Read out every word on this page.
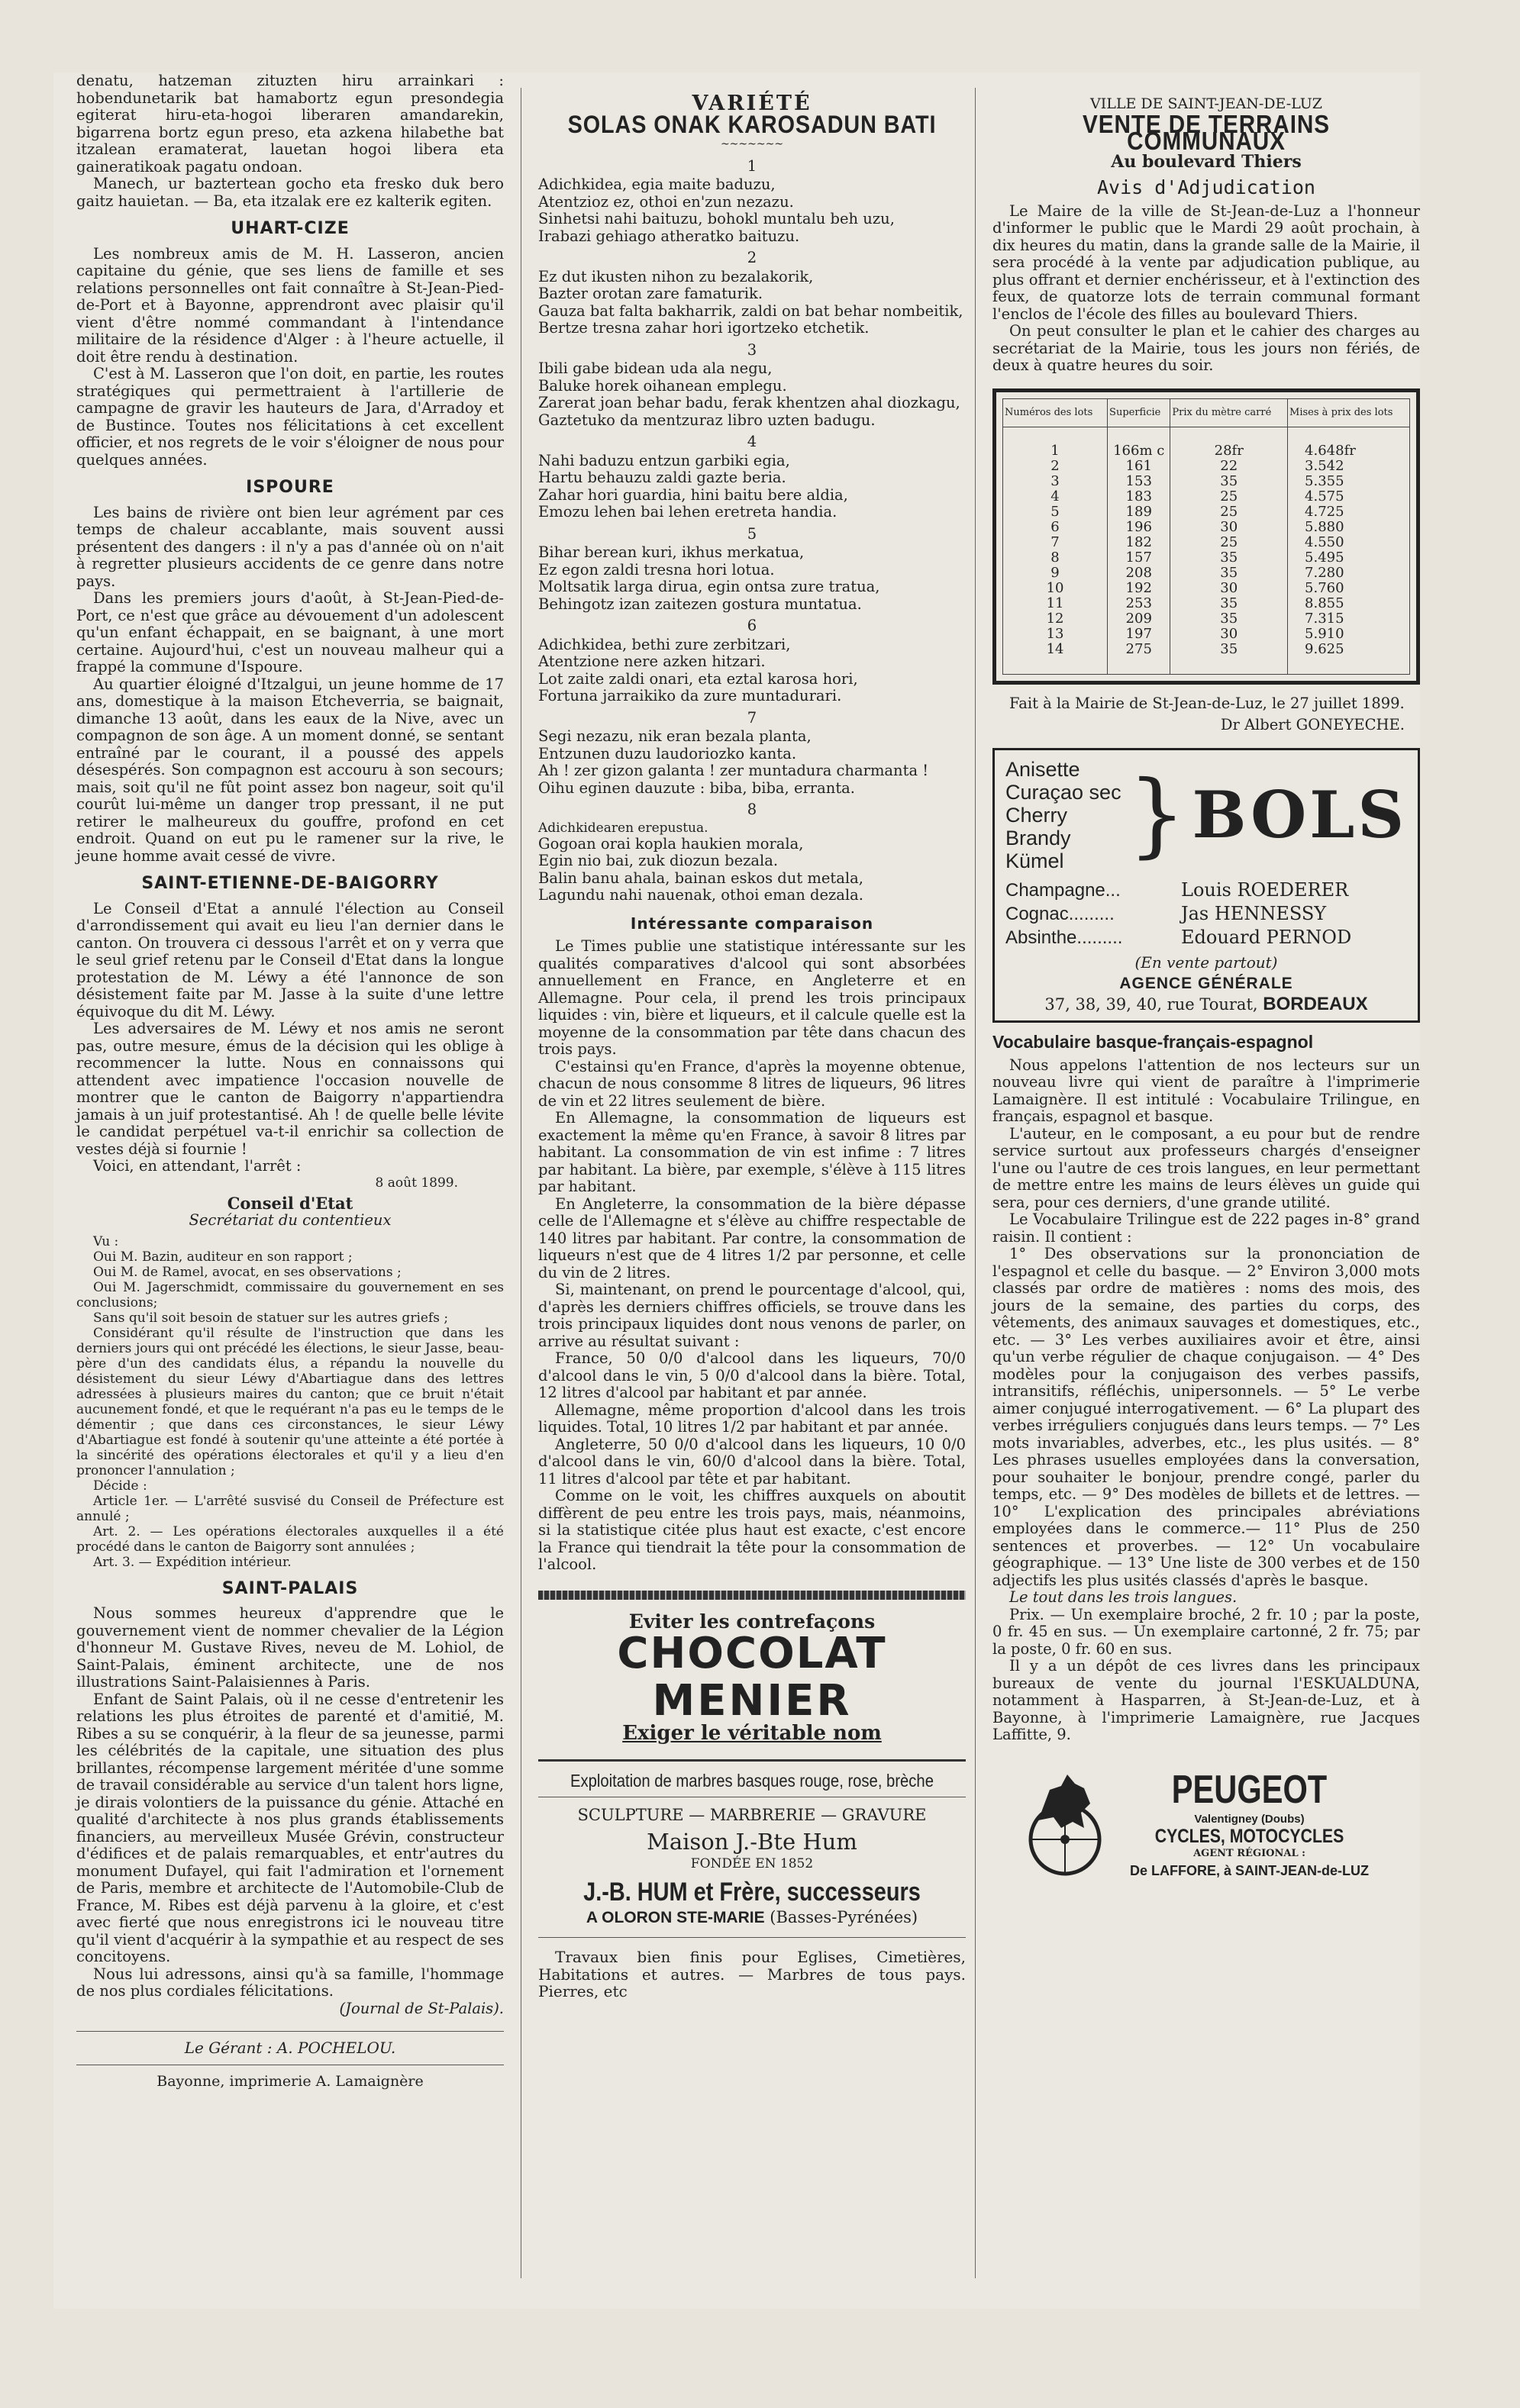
denatu, hatzeman zituzten hiru arrainkari : hobendunetarik bat hamabortz egun presondegia egiterat hiru-eta-hogoi liberaren amandarekin, bigarrena bortz egun preso, eta azkena hilabethe bat itzalean eramaterat, lauetan hogoi libera eta gaineratikoak pagatu ondoan.

Manech, ur baztertean gocho eta fresko duk bero gaitz hauietan. — Ba, eta itzalak ere ez kalterik egiten.

UHART-CIZE

Les nombreux amis de M. H. Lasseron, ancien capitaine du génie, que ses liens de famille et ses relations personnelles ont fait connaître à St-Jean-Pied-de-Port et à Bayonne, apprendront avec plaisir qu'il vient d'être nommé commandant à l'intendance militaire de la résidence d'Alger : à l'heure actuelle, il doit être rendu à destination.

C'est à M. Lasseron que l'on doit, en partie, les routes stratégiques qui permettraient à l'artillerie de campagne de gravir les hauteurs de Jara, d'Arradoy et de Bustince. Toutes nos félicitations à cet excellent officier, et nos regrets de le voir s'éloigner de nous pour quelques années.

ISPOURE

Les bains de rivière ont bien leur agrément par ces temps de chaleur accablante, mais souvent aussi présentent des dangers : il n'y a pas d'année où on n'ait à regretter plusieurs accidents de ce genre dans notre pays.

Dans les premiers jours d'août, à St-Jean-Pied-de-Port, ce n'est que grâce au dévouement d'un adolescent qu'un enfant échappait, en se baignant, à une mort certaine. Aujourd'hui, c'est un nouveau malheur qui a frappé la commune d'Ispoure.

Au quartier éloigné d'Itzalgui, un jeune homme de 17 ans, domestique à la maison Etcheverria, se baignait, dimanche 13 août, dans les eaux de la Nive, avec un compagnon de son âge. A un moment donné, se sentant entraîné par le courant, il a poussé des appels désespérés. Son compagnon est accouru à son secours; mais, soit qu'il ne fût point assez bon nageur, soit qu'il courût lui-même un danger trop pressant, il ne put retirer le malheureux du gouffre, profond en cet endroit. Quand on eut pu le ramener sur la rive, le jeune homme avait cessé de vivre.

SAINT-ETIENNE-DE-BAIGORRY

Le Conseil d'Etat a annulé l'élection au Conseil d'arrondissement qui avait eu lieu l'an dernier dans le canton. On trouvera ci dessous l'arrêt et on y verra que le seul grief retenu par le Conseil d'Etat dans la longue protestation de M. Léwy a été l'annonce de son désistement faite par M. Jasse à la suite d'une lettre équivoque du dit M. Léwy.

Les adversaires de M. Léwy et nos amis ne seront pas, outre mesure, émus de la décision qui les oblige à recommencer la lutte. Nous en connaissons qui attendent avec impatience l'occasion nouvelle de montrer que le canton de Baigorry n'appartiendra jamais à un juif protestantisé. Ah ! de quelle belle lévite le candidat perpétuel va-t-il enrichir sa collection de vestes déjà si fournie !

Voici, en attendant, l'arrêt :

8 août 1899.
Conseil d'Etat
Secrétariat du contentieux

Vu :

Oui M. Bazin, auditeur en son rapport ;

Oui M. de Ramel, avocat, en ses observations ;

Oui M. Jagerschmidt, commissaire du gouvernement en ses conclusions;

Sans qu'il soit besoin de statuer sur les autres griefs ;

Considérant qu'il résulte de l'instruction que dans les derniers jours qui ont précédé les élections, le sieur Jasse, beau-père d'un des candidats élus, a répandu la nouvelle du désistement du sieur Léwy d'Abartiague dans des lettres adressées à plusieurs maires du canton; que ce bruit n'était aucunement fondé, et que le requérant n'a pas eu le temps de le démentir ; que dans ces circonstances, le sieur Léwy d'Abartiague est fondé à soutenir qu'une atteinte a été portée à la sincérité des opérations électorales et qu'il y a lieu d'en prononcer l'annulation ;

Décide :

Article 1er. — L'arrêté susvisé du Conseil de Préfecture est annulé ;

Art. 2. — Les opérations électorales auxquelles il a été procédé dans le canton de Baigorry sont annulées ;

Art. 3. — Expédition intérieur.

SAINT-PALAIS

Nous sommes heureux d'apprendre que le gouvernement vient de nommer chevalier de la Légion d'honneur M. Gustave Rives, neveu de M. Lohiol, de Saint-Palais, éminent architecte, une de nos illustrations Saint-Palaisiennes à Paris.

Enfant de Saint Palais, où il ne cesse d'entretenir les relations les plus étroites de parenté et d'amitié, M. Ribes a su se conquérir, à la fleur de sa jeunesse, parmi les célébrités de la capitale, une situation des plus brillantes, récompense largement méritée d'une somme de travail considérable au service d'un talent hors ligne, je dirais volontiers de la puissance du génie. Attaché en qualité d'architecte à nos plus grands établissements financiers, au merveilleux Musée Grévin, constructeur d'édifices et de palais remarquables, et entr'autres du monument Dufayel, qui fait l'admiration et l'ornement de Paris, membre et architecte de l'Automobile-Club de France, M. Ribes est déjà parvenu à la gloire, et c'est avec fierté que nous enregistrons ici le nouveau titre qu'il vient d'acquérir à la sympathie et au respect de ses concitoyens.

Nous lui adressons, ainsi qu'à sa famille, l'hommage de nos plus cordiales félicitations.

(Journal de St-Palais).
Le Gérant : A. POCHELOU.
Bayonne, imprimerie A. Lamaignère
VARIÉTÉ
SOLAS ONAK KAROSADUN BATI
~~~~~~~
1

Adichkidea, egia maite baduzu,

Atentzioz ez, othoi en'zun nezazu.

Sinhetsi nahi baituzu, bohokl muntalu beh uzu,

Irabazi gehiago atheratko baituzu.

2

Ez dut ikusten nihon zu bezalakorik,

Bazter orotan zare famaturik.

Gauza bat falta bakharrik, zaldi on bat behar nombeitik,

Bertze tresna zahar hori igortzeko etchetik.

3

Ibili gabe bidean uda ala negu,

Baluke horek oihanean emplegu.

Zarerat joan behar badu, ferak khentzen ahal diozkagu,

Gaztetuko da mentzuraz libro uzten badugu.

4

Nahi baduzu entzun garbiki egia,

Hartu behauzu zaldi gazte beria.

Zahar hori guardia, hini baitu bere aldia,

Emozu lehen bai lehen eretreta handia.

5

Bihar berean kuri, ikhus merkatua,

Ez egon zaldi tresna hori lotua.

Moltsatik larga dirua, egin ontsa zure tratua,

Behingotz izan zaitezen gostura muntatua.

6

Adichkidea, bethi zure zerbitzari,

Atentzione nere azken hitzari.

Lot zaite zaldi onari, eta eztal karosa hori,

Fortuna jarraikiko da zure muntadurari.

7

Segi nezazu, nik eran bezala planta,

Entzunen duzu laudoriozko kanta.

Ah ! zer gizon galanta ! zer muntadura charmanta !

Oihu eginen dauzute : biba, biba, erranta.

8

Adichkidearen erepustua.

Gogoan orai kopla haukien morala,

Egin nio bai, zuk diozun bezala.

Balin banu ahala, bainan eskos dut metala,

Lagundu nahi nauenak, othoi eman dezala.

Intéressante comparaison

Le Times publie une statistique intéressante sur les qualités comparatives d'alcool qui sont absorbées annuellement en France, en Angleterre et en Allemagne. Pour cela, il prend les trois principaux liquides : vin, bière et liqueurs, et il calcule quelle est la moyenne de la consommation par tête dans chacun des trois pays.

C'estainsi qu'en France, d'après la moyenne obtenue, chacun de nous consomme 8 litres de liqueurs, 96 litres de vin et 22 litres seulement de bière.

En Allemagne, la consommation de liqueurs est exactement la même qu'en France, à savoir 8 litres par habitant. La consommation de vin est infime : 7 litres par habitant. La bière, par exemple, s'élève à 115 litres par habitant.

En Angleterre, la consommation de la bière dépasse celle de l'Allemagne et s'élève au chiffre respectable de 140 litres par habitant. Par contre, la consommation de liqueurs n'est que de 4 litres 1/2 par personne, et celle du vin de 2 litres.

Si, maintenant, on prend le pourcentage d'alcool, qui, d'après les derniers chiffres officiels, se trouve dans les trois principaux liquides dont nous venons de parler, on arrive au résultat suivant :

France, 50 0/0 d'alcool dans les liqueurs, 70/0 d'alcool dans le vin, 5 0/0 d'alcool dans la bière. Total, 12 litres d'alcool par habitant et par année.

Allemagne, même proportion d'alcool dans les trois liquides. Total, 10 litres 1/2 par habitant et par année.

Angleterre, 50 0/0 d'alcool dans les liqueurs, 10 0/0 d'alcool dans le vin, 60/0 d'alcool dans la bière. Total, 11 litres d'alcool par tête et par habitant.

Comme on le voit, les chiffres auxquels on aboutit diffèrent de peu entre les trois pays, mais, néanmoins, si la statistique citée plus haut est exacte, c'est encore la France qui tiendrait la tête pour la consommation de l'alcool.

Eviter les contrefaçons
CHOCOLAT
MENIER
Exiger le véritable nom
Exploitation de marbres basques rouge, rose, brèche
SCULPTURE — MARBRERIE — GRAVURE
Maison J.-Bte Hum
FONDÉE EN 1852
J.-B. HUM et Frère, successeurs
A OLORON STE-MARIE (Basses-Pyrénées)

Travaux bien finis pour Eglises, Cimetières, Habitations et autres. — Marbres de tous pays. Pierres, etc

VILLE DE SAINT-JEAN-DE-LUZ
VENTE DE TERRAINS COMMUNAUX
Au boulevard Thiers
Avis d'Adjudication

Le Maire de la ville de St-Jean-de-Luz a l'honneur d'informer le public que le Mardi 29 août prochain, à dix heures du matin, dans la grande salle de la Mairie, il sera procédé à la vente par adjudication publique, au plus offrant et dernier enchérisseur, et à l'extinction des feux, de quatorze lots de terrain communal formant l'enclos de l'école des filles au boulevard Thiers.

On peut consulter le plan et le cahier des charges au secrétariat de la Mairie, tous les jours non fériés, de deux à quatre heures du soir.

Numéros des lots	Superficie	Prix du mètre carré	Mises à prix des lots

1	166m c	28fr	4.648fr
2	161	22	3.542
3	153	35	5.355
4	183	25	4.575
5	189	25	4.725
6	196	30	5.880
7	182	25	4.550
8	157	35	5.495
9	208	35	7.280
10	192	30	5.760
11	253	35	8.855
12	209	35	7.315
13	197	30	5.910
14	275	35	9.625

Fait à la Mairie de St-Jean-de-Luz, le 27 juillet 1899.

Dr Albert GONEYECHE.
Anisette
Curaçao sec
Cherry Brandy
Kümel } BOLS
Champagne...	Louis ROEDERER
Cognac.........	Jas HENNESSY
Absinthe.........	Edouard PERNOD
(En vente partout)
AGENCE GÉNÉRALE
37, 38, 39, 40, rue Tourat, BORDEAUX
Vocabulaire basque-français-espagnol

Nous appelons l'attention de nos lecteurs sur un nouveau livre qui vient de paraître à l'imprimerie Lamaignère. Il est intitulé : Vocabulaire Trilingue, en français, espagnol et basque.

L'auteur, en le composant, a eu pour but de rendre service surtout aux professeurs chargés d'enseigner l'une ou l'autre de ces trois langues, en leur permettant de mettre entre les mains de leurs élèves un guide qui sera, pour ces derniers, d'une grande utilité.

Le Vocabulaire Trilingue est de 222 pages in-8° grand raisin. Il contient :

1° Des observations sur la prononciation de l'espagnol et celle du basque. — 2° Environ 3,000 mots classés par ordre de matières : noms des mois, des jours de la semaine, des parties du corps, des vêtements, des animaux sauvages et domestiques, etc., etc. — 3° Les verbes auxiliaires avoir et être, ainsi qu'un verbe régulier de chaque conjugaison. — 4° Des modèles pour la conjugaison des verbes passifs, intransitifs, réfléchis, unipersonnels. — 5° Le verbe aimer conjugué interrogativement. — 6° La plupart des verbes irréguliers conjugués dans leurs temps. — 7° Les mots invariables, adverbes, etc., les plus usités. — 8° Les phrases usuelles employées dans la conversation, pour souhaiter le bonjour, prendre congé, parler du temps, etc. — 9° Des modèles de billets et de lettres. — 10° L'explication des principales abréviations employées dans le commerce.— 11° Plus de 250 sentences et proverbes. — 12° Un vocabulaire géographique. — 13° Une liste de 300 verbes et de 150 adjectifs les plus usités classés d'après le basque.

Le tout dans les trois langues.

Prix. — Un exemplaire broché, 2 fr. 10 ; par la poste, 0 fr. 45 en sus. — Un exemplaire cartonné, 2 fr. 75; par la poste, 0 fr. 60 en sus.

Il y a un dépôt de ces livres dans les principaux bureaux de vente du journal l'ESKUALDUNA, notamment à Hasparren, à St-Jean-de-Luz, et à Bayonne, à l'imprimerie Lamaignère, rue Jacques Laffitte, 9.

PEUGEOT
Valentigney (Doubs)
CYCLES, MOTOCYCLES
AGENT RÉGIONAL :
De LAFFORE, à SAINT-JEAN-de-LUZ
